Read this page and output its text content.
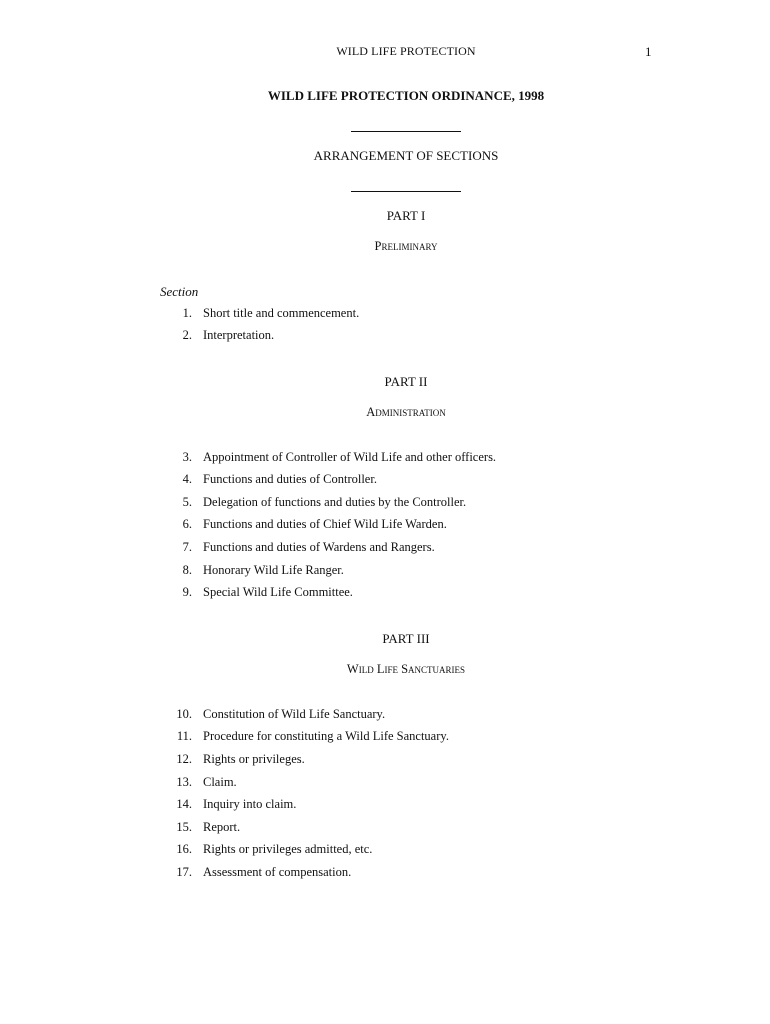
WILD LIFE PROTECTION	1
WILD LIFE PROTECTION ORDINANCE, 1998
ARRANGEMENT OF SECTIONS
PART I
Preliminary
Section
1. Short title and commencement.
2. Interpretation.
PART II
Administration
3. Appointment of Controller of Wild Life and other officers.
4. Functions and duties of Controller.
5. Delegation of functions and duties by the Controller.
6. Functions and duties of Chief Wild Life Warden.
7. Functions and duties of Wardens and Rangers.
8. Honorary Wild Life Ranger.
9. Special Wild Life Committee.
PART III
Wild Life Sanctuaries
10. Constitution of Wild Life Sanctuary.
11. Procedure for constituting a Wild Life Sanctuary.
12. Rights or privileges.
13. Claim.
14. Inquiry into claim.
15. Report.
16. Rights or privileges admitted, etc.
17. Assessment of compensation.
